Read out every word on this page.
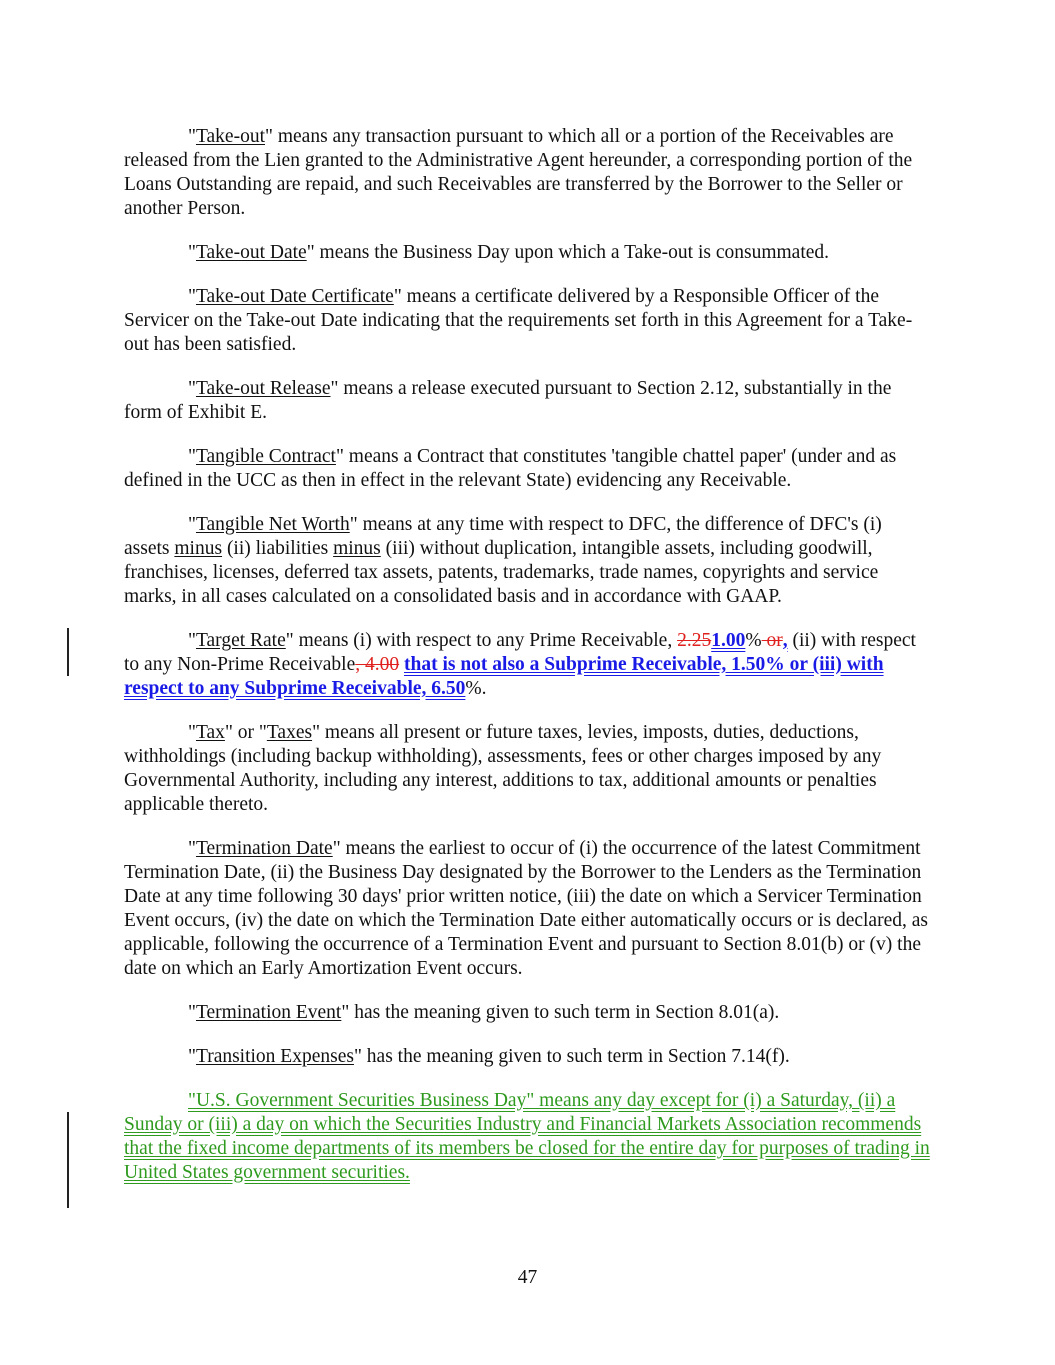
"Take-out" means any transaction pursuant to which all or a portion of the Receivables are released from the Lien granted to the Administrative Agent hereunder, a corresponding portion of the Loans Outstanding are repaid, and such Receivables are transferred by the Borrower to the Seller or another Person.

"Take-out Date" means the Business Day upon which a Take-out is consummated.

"Take-out Date Certificate" means a certificate delivered by a Responsible Officer of the Servicer on the Take-out Date indicating that the requirements set forth in this Agreement for a Take-out has been satisfied.

"Take-out Release" means a release executed pursuant to Section 2.12, substantially in the form of Exhibit E.

"Tangible Contract" means a Contract that constitutes 'tangible chattel paper' (under and as defined in the UCC as then in effect in the relevant State) evidencing any Receivable.

"Tangible Net Worth" means at any time with respect to DFC, the difference of DFC's (i) assets minus (ii) liabilities minus (iii) without duplication, intangible assets, including goodwill, franchises, licenses, deferred tax assets, patents, trademarks, trade names, copyrights and service marks, in all cases calculated on a consolidated basis and in accordance with GAAP.

"Target Rate" means (i) with respect to any Prime Receivable, 2.251.00% or, (ii) with respect to any Non-Prime Receivable, 4.00 that is not also a Subprime Receivable, 1.50% or (iii) with respect to any Subprime Receivable, 6.50%.

"Tax" or "Taxes" means all present or future taxes, levies, imposts, duties, deductions, withholdings (including backup withholding), assessments, fees or other charges imposed by any Governmental Authority, including any interest, additions to tax, additional amounts or penalties applicable thereto.

"Termination Date" means the earliest to occur of (i) the occurrence of the latest Commitment Termination Date, (ii) the Business Day designated by the Borrower to the Lenders as the Termination Date at any time following 30 days' prior written notice, (iii) the date on which a Servicer Termination Event occurs, (iv) the date on which the Termination Date either automatically occurs or is declared, as applicable, following the occurrence of a Termination Event and pursuant to Section 8.01(b) or (v) the date on which an Early Amortization Event occurs.

"Termination Event" has the meaning given to such term in Section 8.01(a).

"Transition Expenses" has the meaning given to such term in Section 7.14(f).

"U.S. Government Securities Business Day" means any day except for (i) a Saturday, (ii) a Sunday or (iii) a day on which the Securities Industry and Financial Markets Association recommends that the fixed income departments of its members be closed for the entire day for purposes of trading in United States government securities.

47
